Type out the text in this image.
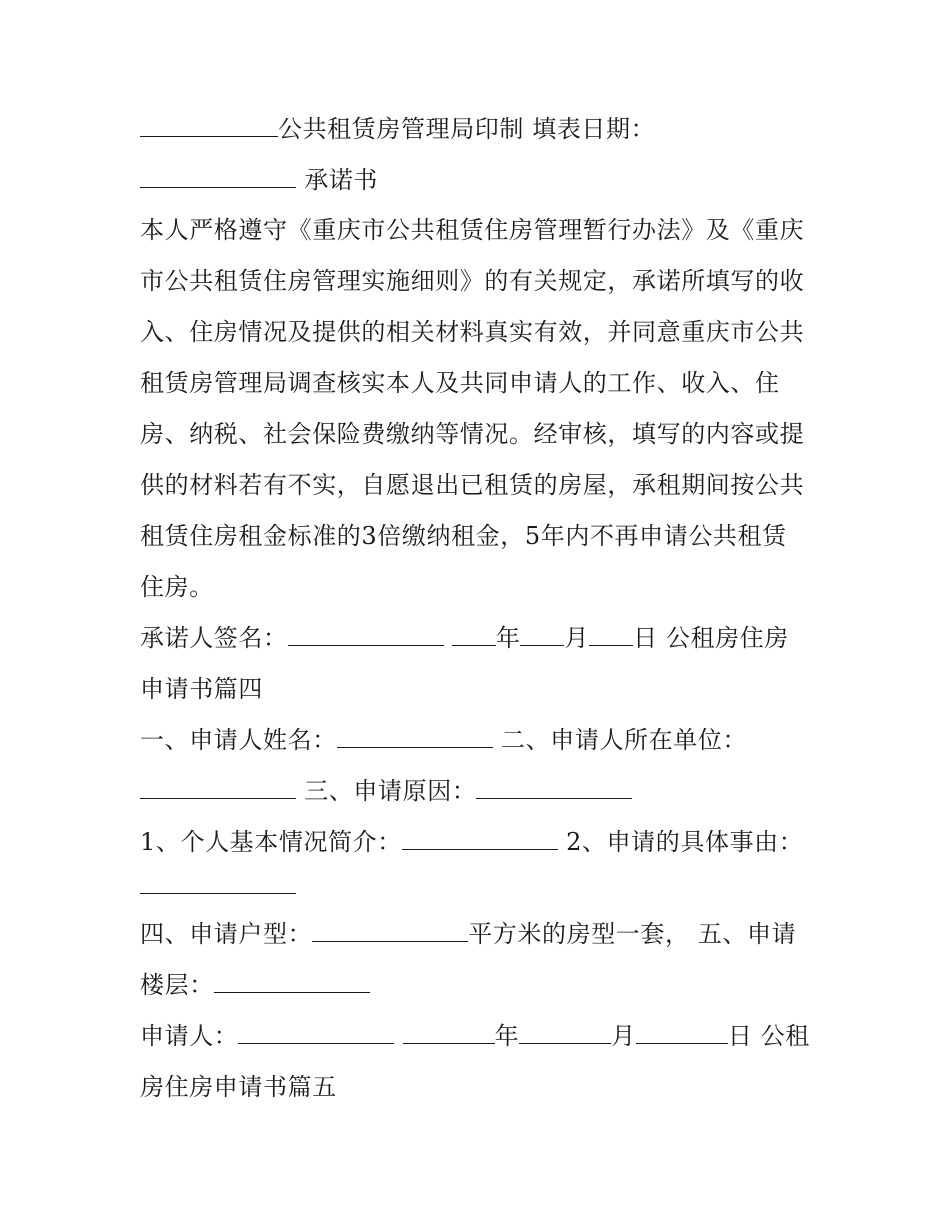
公共租赁房管理局印制 填表日期：
承诺书
本人严格遵守《重庆市公共租赁住房管理暂行办法》及《重庆
市公共租赁住房管理实施细则》的有关规定，承诺所填写的收
入、住房情况及提供的相关材料真实有效，并同意重庆市公共
租赁房管理局调查核实本人及共同申请人的工作、收入、住
房、纳税、社会保险费缴纳等情况。经审核，填写的内容或提
供的材料若有不实，自愿退出已租赁的房屋，承租期间按公共
租赁住房租金标准的3倍缴纳租金，5年内不再申请公共租赁
住房。
承诺人签名：	年 月 日 公租房住房
申请书篇四
一、申请人姓名：	二、申请人所在单位：
三、申请原因：
1、个人基本情况简介：	2、申请的具体事由：
四、申请户型：	平方米的房型一套， 五、申请
楼层：
申请人：	年	月	日 公租
房住房申请书篇五
